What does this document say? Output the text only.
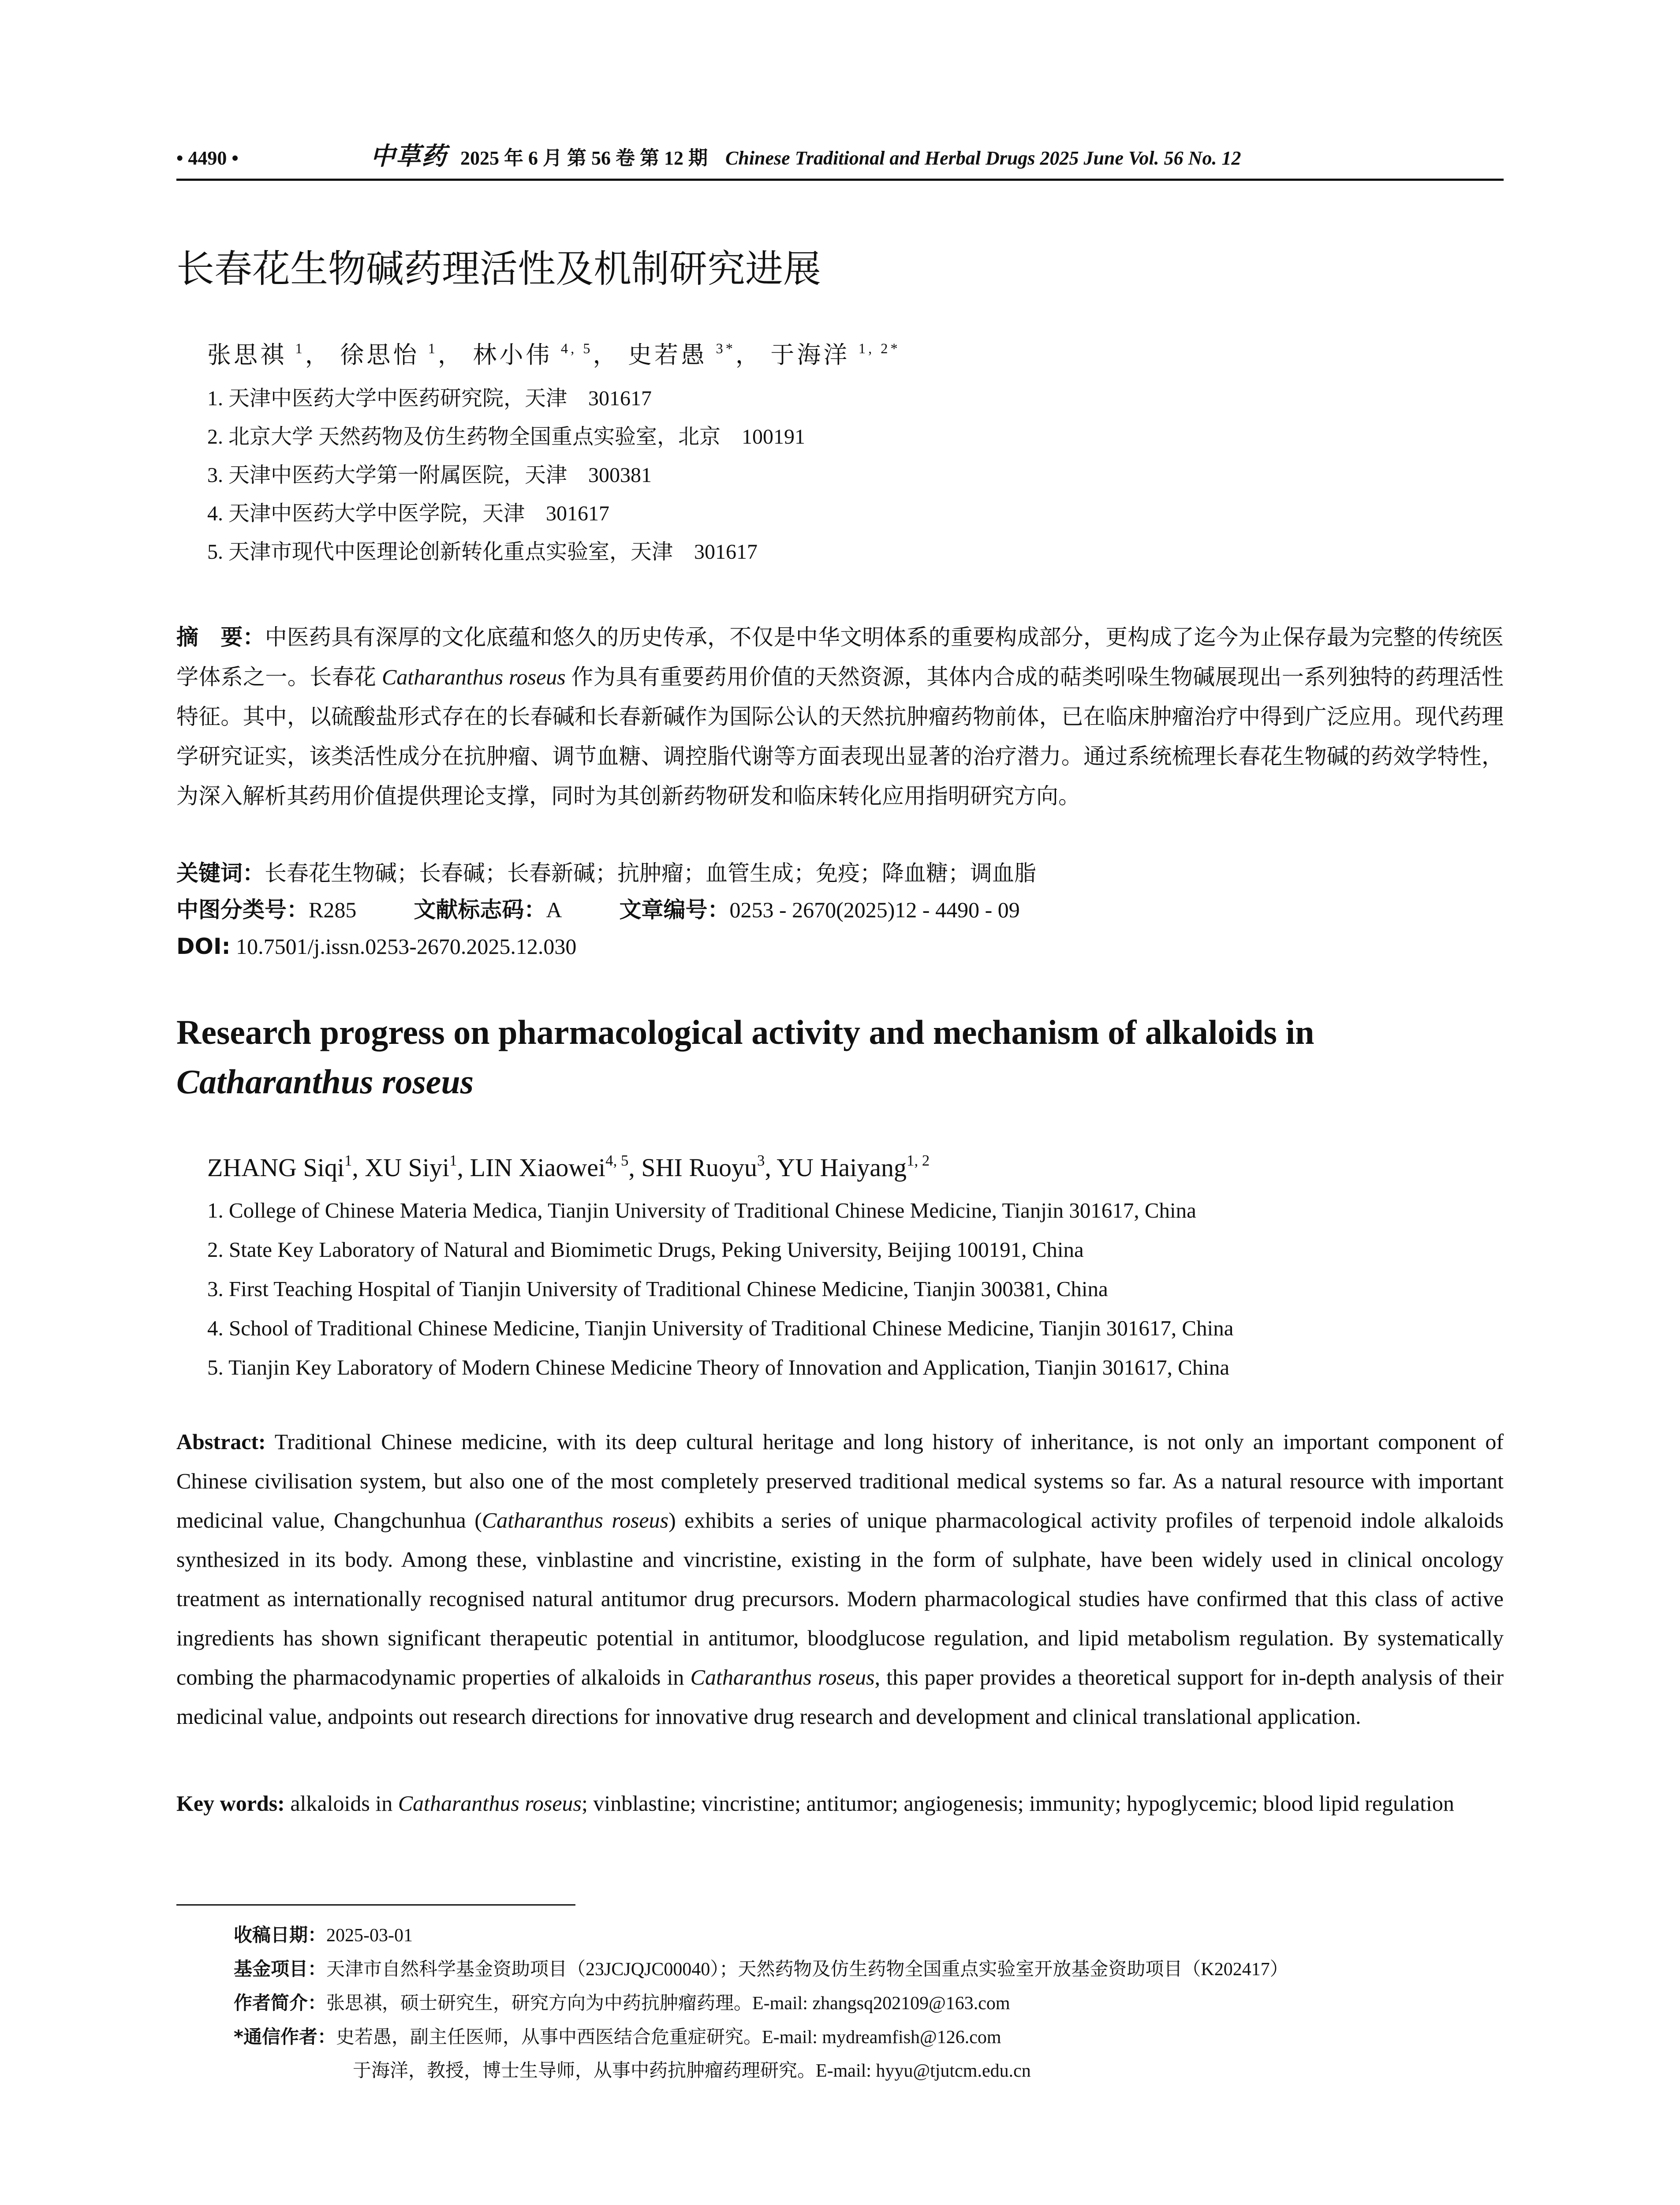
• 4490 •	中草药 2025 年 6 月 第 56 卷 第 12 期 Chinese Traditional and Herbal Drugs 2025 June Vol. 56 No. 12
长春花生物碱药理活性及机制研究进展
张思祺 $^1$， 徐思怡 $^1$， 林小伟 $^{4, 5}$， 史若愚 $^{3*}$， 于海洋 $^{1, 2*}$
1. 天津中医药大学中医药研究院，天津　301617
2. 北京大学 天然药物及仿生药物全国重点实验室，北京　100191
3. 天津中医药大学第一附属医院，天津　300381
4. 天津中医药大学中医学院，天津　301617
5. 天津市现代中医理论创新转化重点实验室，天津　301617
摘　要：中医药具有深厚的文化底蕴和悠久的历史传承，不仅是中华文明体系的重要构成部分，更构成了迄今为止保存最为完整的传统医学体系之一。长春花 Catharanthus roseus 作为具有重要药用价值的天然资源，其体内合成的萜类吲哚生物碱展现出一系列独特的药理活性特征。其中，以硫酸盐形式存在的长春碱和长春新碱作为国际公认的天然抗肿瘤药物前体，已在临床肿瘤治疗中得到广泛应用。现代药理学研究证实，该类活性成分在抗肿瘤、调节血糖、调控脂代谢等方面表现出显著的治疗潜力。通过系统梳理长春花生物碱的药效学特性，为深入解析其药用价值提供理论支撑，同时为其创新药物研发和临床转化应用指明研究方向。
关键词：长春花生物碱；长春碱；长春新碱；抗肿瘤；血管生成；免疫；降血糖；调血脂
中图分类号：R285	文献标志码：A	文章编号：0253 - 2670(2025)12 - 4490 - 09
DOI: 10.7501/j.issn.0253-2670.2025.12.030
Research progress on pharmacological activity and mechanism of alkaloids in
Catharanthus roseus
ZHANG Siqi$^1$, XU Siyi$^1$, LIN Xiaowei$^{4, 5}$, SHI Ruoyu$^3$, YU Haiyang$^{1, 2}$
1. College of Chinese Materia Medica, Tianjin University of Traditional Chinese Medicine, Tianjin 301617, China
2. State Key Laboratory of Natural and Biomimetic Drugs, Peking University, Beijing 100191, China
3. First Teaching Hospital of Tianjin University of Traditional Chinese Medicine, Tianjin 300381, China
4. School of Traditional Chinese Medicine, Tianjin University of Traditional Chinese Medicine, Tianjin 301617, China
5. Tianjin Key Laboratory of Modern Chinese Medicine Theory of Innovation and Application, Tianjin 301617, China
Abstract: Traditional Chinese medicine, with its deep cultural heritage and long history of inheritance, is not only an important component of Chinese civilisation system, but also one of the most completely preserved traditional medical systems so far. As a natural resource with important medicinal value, Changchunhua (Catharanthus roseus) exhibits a series of unique pharmacological activity profiles of terpenoid indole alkaloids synthesized in its body. Among these, vinblastine and vincristine, existing in the form of sulphate, have been widely used in clinical oncology treatment as internationally recognised natural antitumor drug precursors. Modern pharmacological studies have confirmed that this class of active ingredients has shown significant therapeutic potential in antitumor, bloodglucose regulation, and lipid metabolism regulation. By systematically combing the pharmacodynamic properties of alkaloids in Catharanthus roseus, this paper provides a theoretical support for in-depth analysis of their medicinal value, andpoints out research directions for innovative drug research and development and clinical translational application.
Key words: alkaloids in Catharanthus roseus; vinblastine; vincristine; antitumor; angiogenesis; immunity; hypoglycemic; blood lipid regulation
收稿日期：2025-03-01
基金项目：天津市自然科学基金资助项目（23JCJQJC00040）；天然药物及仿生药物全国重点实验室开放基金资助项目（K202417）
作者简介：张思祺，硕士研究生，研究方向为中药抗肿瘤药理。E-mail: zhangsq202109@163.com
*通信作者：史若愚，副主任医师，从事中西医结合危重症研究。E-mail: mydreamfish@126.com
于海洋，教授，博士生导师，从事中药抗肿瘤药理研究。E-mail: hyyu@tjutcm.edu.cn
